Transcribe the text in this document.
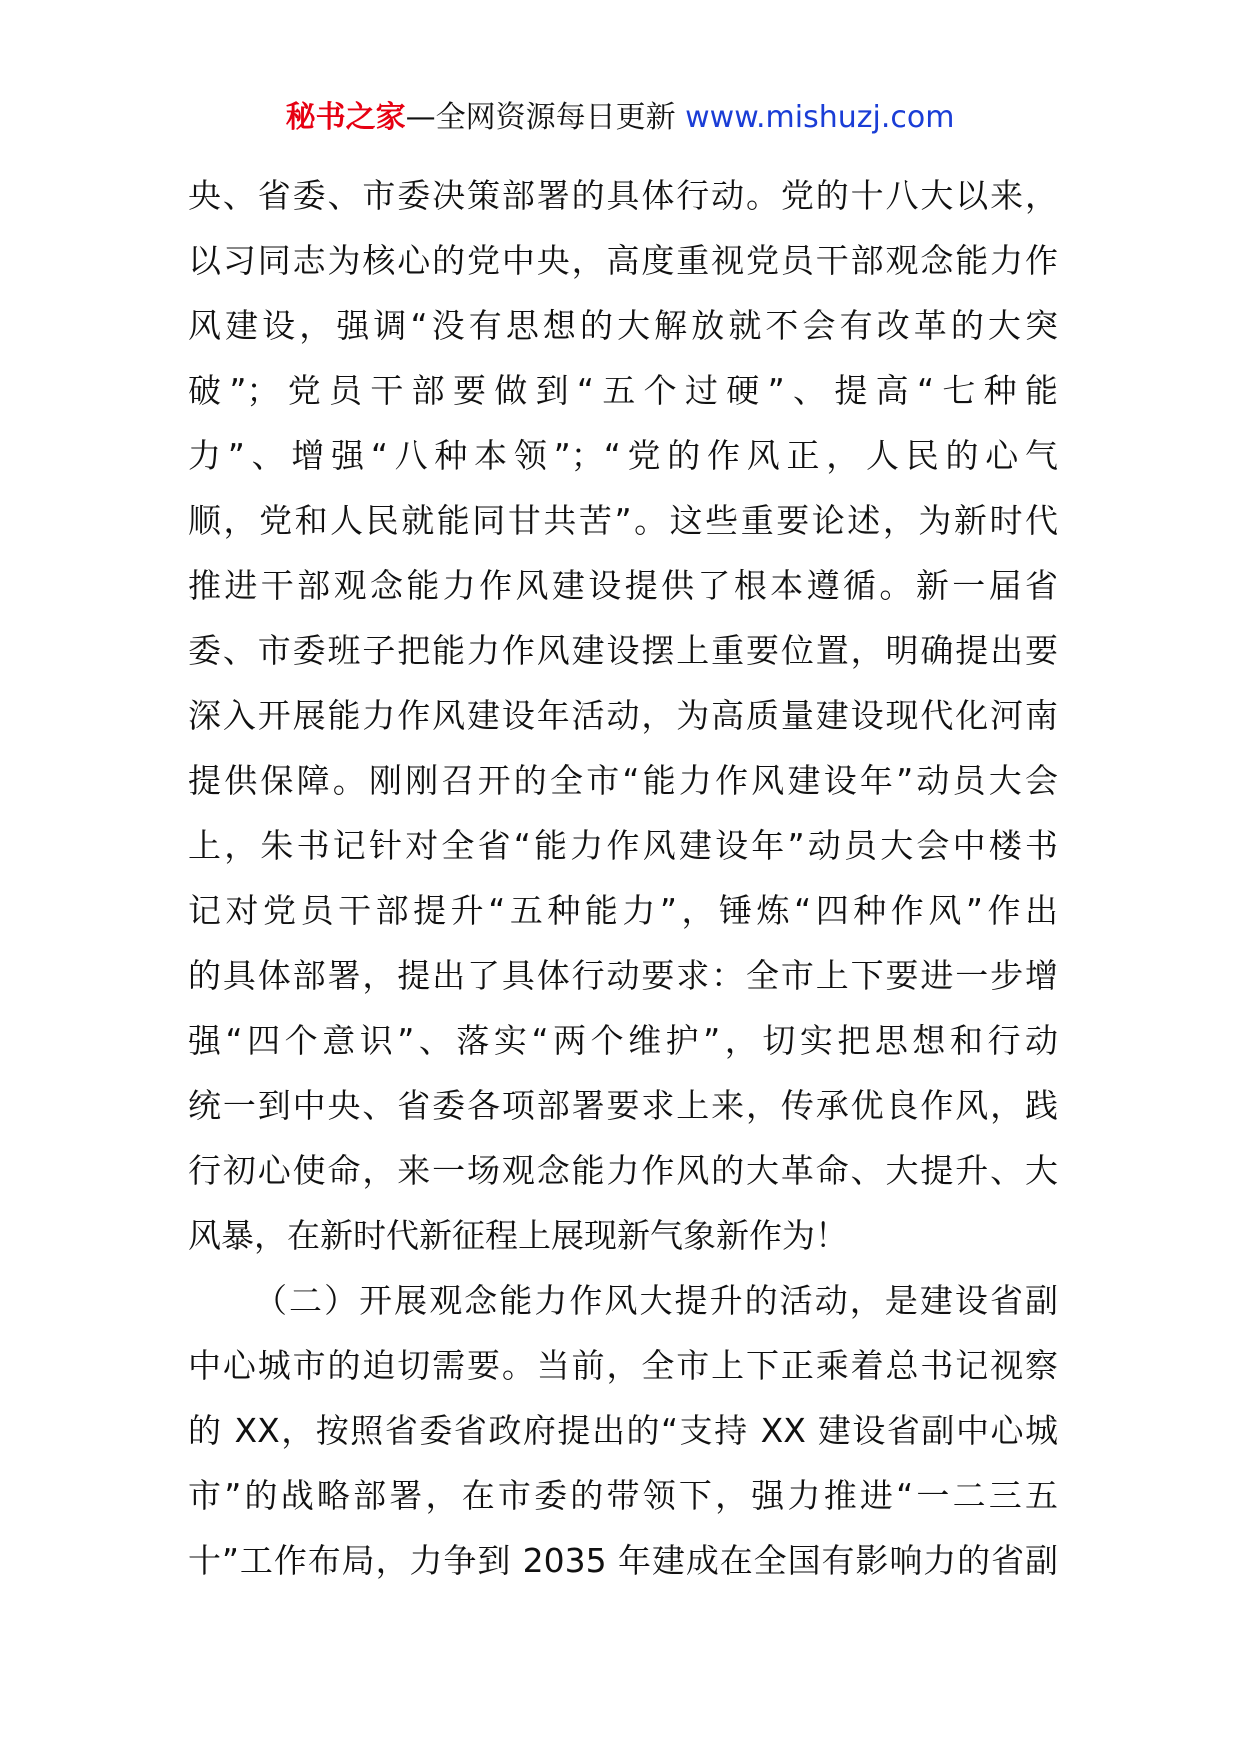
秘书之家—全网资源每日更新 www.mishuzj.com
央、省委、市委决策部署的具体行动。党的十八大以来，
以习同志为核心的党中央，高度重视党员干部观念能力作
风建设，强调“没有思想的大解放就不会有改革的大突
破”；党员干部要做到“五个过硬”、提高“七种能
力”、增强“八种本领”；“党的作风正，人民的心气
顺，党和人民就能同甘共苦”。这些重要论述，为新时代
推进干部观念能力作风建设提供了根本遵循。新一届省
委、市委班子把能力作风建设摆上重要位置，明确提出要
深入开展能力作风建设年活动，为高质量建设现代化河南
提供保障。刚刚召开的全市“能力作风建设年”动员大会
上，朱书记针对全省“能力作风建设年”动员大会中楼书
记对党员干部提升“五种能力”，锤炼“四种作风”作出
的具体部署，提出了具体行动要求：全市上下要进一步增
强“四个意识”、落实“两个维护”，切实把思想和行动
统一到中央、省委各项部署要求上来，传承优良作风，践
行初心使命，来一场观念能力作风的大革命、大提升、大
风暴，在新时代新征程上展现新气象新作为！
（二）开展观念能力作风大提升的活动，是建设省副
中心城市的迫切需要。当前，全市上下正乘着总书记视察
的 XX，按照省委省政府提出的“支持 XX 建设省副中心城
市”的战略部署，在市委的带领下，强力推进“一二三五
十”工作布局，力争到 2035 年建成在全国有影响力的省副
